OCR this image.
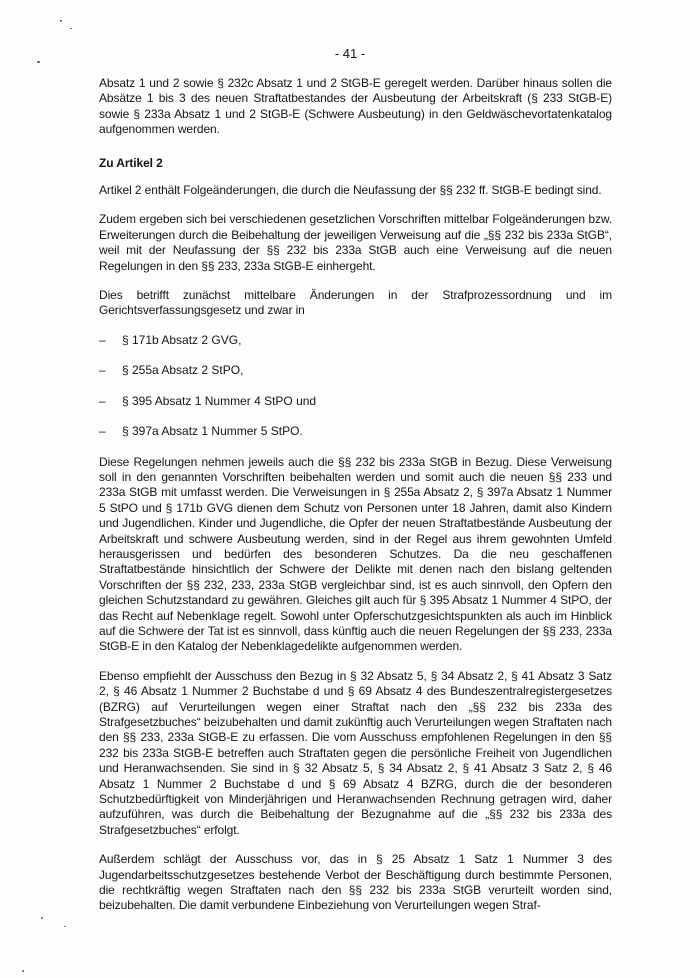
- 41 -

Absatz 1 und 2 sowie § 232c Absatz 1 und 2 StGB-E geregelt werden. Darüber hinaus sollen die Absätze 1 bis 3 des neuen Straftatbestandes der Ausbeutung der Arbeitskraft (§ 233 StGB-E) sowie § 233a Absatz 1 und 2 StGB-E (Schwere Ausbeutung) in den Geldwäschevortatenkatalog aufgenommen werden.

Zu Artikel 2

Artikel 2 enthält Folgeänderungen, die durch die Neufassung der §§ 232 ff. StGB-E bedingt sind.

Zudem ergeben sich bei verschiedenen gesetzlichen Vorschriften mittelbar Folgeänderungen bzw. Erweiterungen durch die Beibehaltung der jeweiligen Verweisung auf die „§§ 232 bis 233a StGB“, weil mit der Neufassung der §§ 232 bis 233a StGB auch eine Verweisung auf die neuen Regelungen in den §§ 233, 233a StGB-E einhergeht.

Dies betrifft zunächst mittelbare Änderungen in der Strafprozessordnung und im Gerichtsverfassungsgesetz und zwar in

–	§ 171b Absatz 2 GVG,
–	§ 255a Absatz 2 StPO,
–	§ 395 Absatz 1 Nummer 4 StPO und
–	§ 397a Absatz 1 Nummer 5 StPO.

Diese Regelungen nehmen jeweils auch die §§ 232 bis 233a StGB in Bezug. Diese Verweisung soll in den genannten Vorschriften beibehalten werden und somit auch die neuen §§ 233 und 233a StGB mit umfasst werden. Die Verweisungen in § 255a Absatz 2, § 397a Absatz 1 Nummer 5 StPO und § 171b GVG dienen dem Schutz von Personen unter 18 Jahren, damit also Kindern und Jugendlichen. Kinder und Jugendliche, die Opfer der neuen Straftatbestände Ausbeutung der Arbeitskraft und schwere Ausbeutung werden, sind in der Regel aus ihrem gewohnten Umfeld herausgerissen und bedürfen des besonderen Schutzes. Da die neu geschaffenen Straftatbestände hinsichtlich der Schwere der Delikte mit denen nach den bislang geltenden Vorschriften der §§ 232, 233, 233a StGB vergleichbar sind, ist es auch sinnvoll, den Opfern den gleichen Schutzstandard zu gewähren. Gleiches gilt auch für § 395 Absatz 1 Nummer 4 StPO, der das Recht auf Nebenklage regelt. Sowohl unter Opferschutzgesichtspunkten als auch im Hinblick auf die Schwere der Tat ist es sinnvoll, dass künftig auch die neuen Regelungen der §§ 233, 233a StGB-E in den Katalog der Nebenklagedelikte aufgenommen werden.

Ebenso empfiehlt der Ausschuss den Bezug in § 32 Absatz 5, § 34 Absatz 2, § 41 Absatz 3 Satz 2, § 46 Absatz 1 Nummer 2 Buchstabe d und § 69 Absatz 4 des Bundeszentralregistergesetzes (BZRG) auf Verurteilungen wegen einer Straftat nach den „§§ 232 bis 233a des Strafgesetzbuches“ beizubehalten und damit zukünftig auch Verurteilungen wegen Straftaten nach den §§ 233, 233a StGB-E zu erfassen. Die vom Ausschuss empfohlenen Regelungen in den §§ 232 bis 233a StGB-E betreffen auch Straftaten gegen die persönliche Freiheit von Jugendlichen und Heranwachsenden. Sie sind in § 32 Absatz 5, § 34 Absatz 2, § 41 Absatz 3 Satz 2, § 46 Absatz 1 Nummer 2 Buchstabe d und § 69 Absatz 4 BZRG, durch die der besonderen Schutzbedürftigkeit von Minderjährigen und Heranwachsenden Rechnung getragen wird, daher aufzuführen, was durch die Beibehaltung der Bezugnahme auf die „§§ 232 bis 233a des Strafgesetzbuches“ erfolgt.

Außerdem schlägt der Ausschuss vor, das in § 25 Absatz 1 Satz 1 Nummer 3 des Jugendarbeitsschutzgesetzes bestehende Verbot der Beschäftigung durch bestimmte Personen, die rechtkräftig wegen Straftaten nach den §§ 232 bis 233a StGB verurteilt worden sind, beizubehalten. Die damit verbundene Einbeziehung von Verurteilungen wegen Straf-
